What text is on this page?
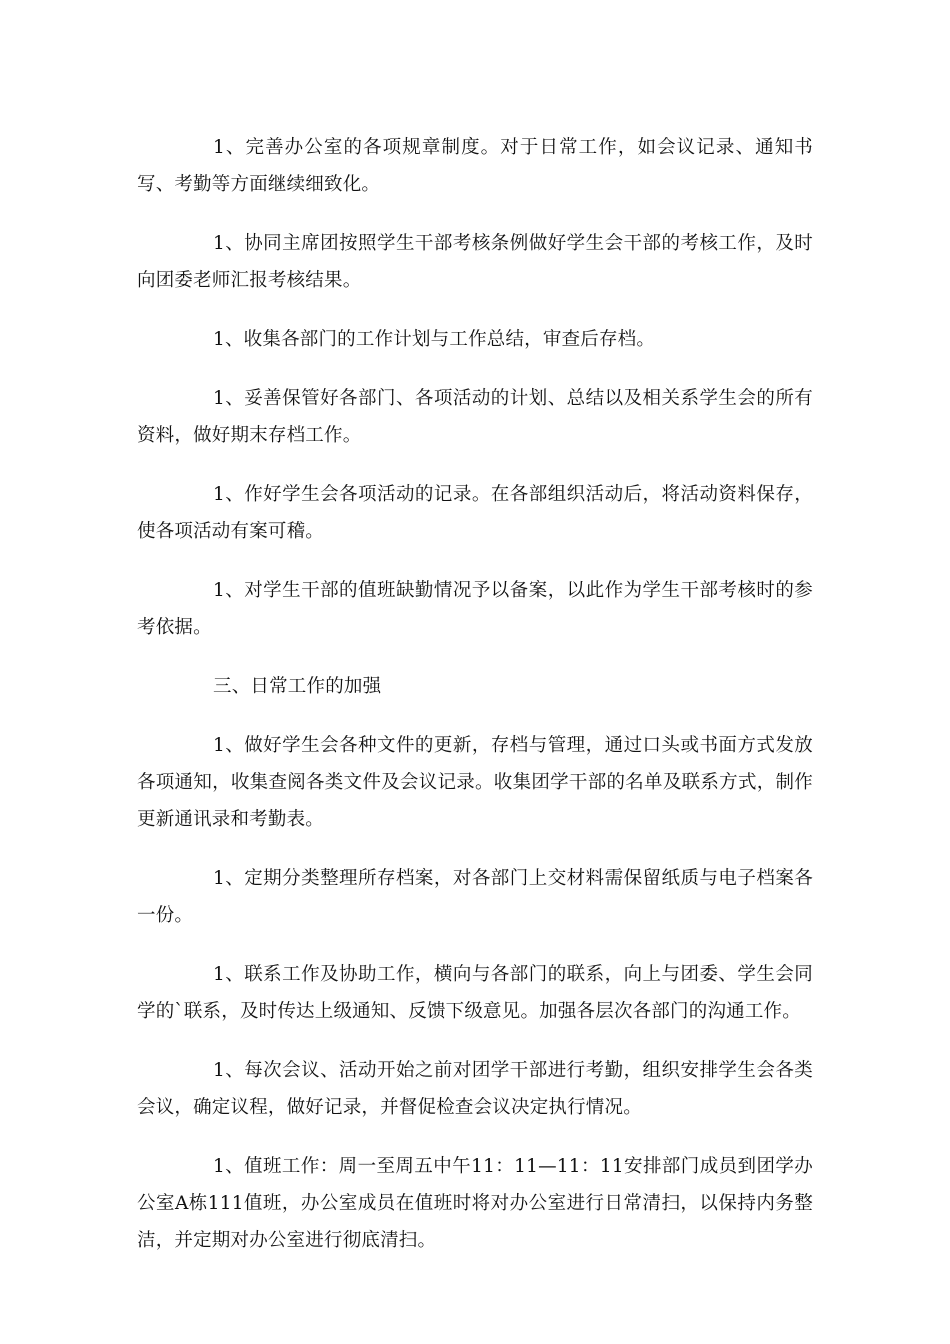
1、完善办公室的各项规章制度。对于日常工作，如会议记录、通知书写、考勤等方面继续细致化。

1、协同主席团按照学生干部考核条例做好学生会干部的考核工作，及时向团委老师汇报考核结果。

1、收集各部门的工作计划与工作总结，审查后存档。

1、妥善保管好各部门、各项活动的计划、总结以及相关系学生会的所有资料，做好期末存档工作。

1、作好学生会各项活动的记录。在各部组织活动后，将活动资料保存，使各项活动有案可稽。

1、对学生干部的值班缺勤情况予以备案，以此作为学生干部考核时的参考依据。

三、日常工作的加强

1、做好学生会各种文件的更新，存档与管理，通过口头或书面方式发放各项通知，收集查阅各类文件及会议记录。收集团学干部的名单及联系方式，制作更新通讯录和考勤表。

1、定期分类整理所存档案，对各部门上交材料需保留纸质与电子档案各一份。

1、联系工作及协助工作，横向与各部门的联系，向上与团委、学生会同学的`联系，及时传达上级通知、反馈下级意见。加强各层次各部门的沟通工作。

1、每次会议、活动开始之前对团学干部进行考勤，组织安排学生会各类会议，确定议程，做好记录，并督促检查会议决定执行情况。

1、值班工作：周一至周五中午11：11—11：11安排部门成员到团学办公室A栋111值班，办公室成员在值班时将对办公室进行日常清扫，以保持内务整洁，并定期对办公室进行彻底清扫。
